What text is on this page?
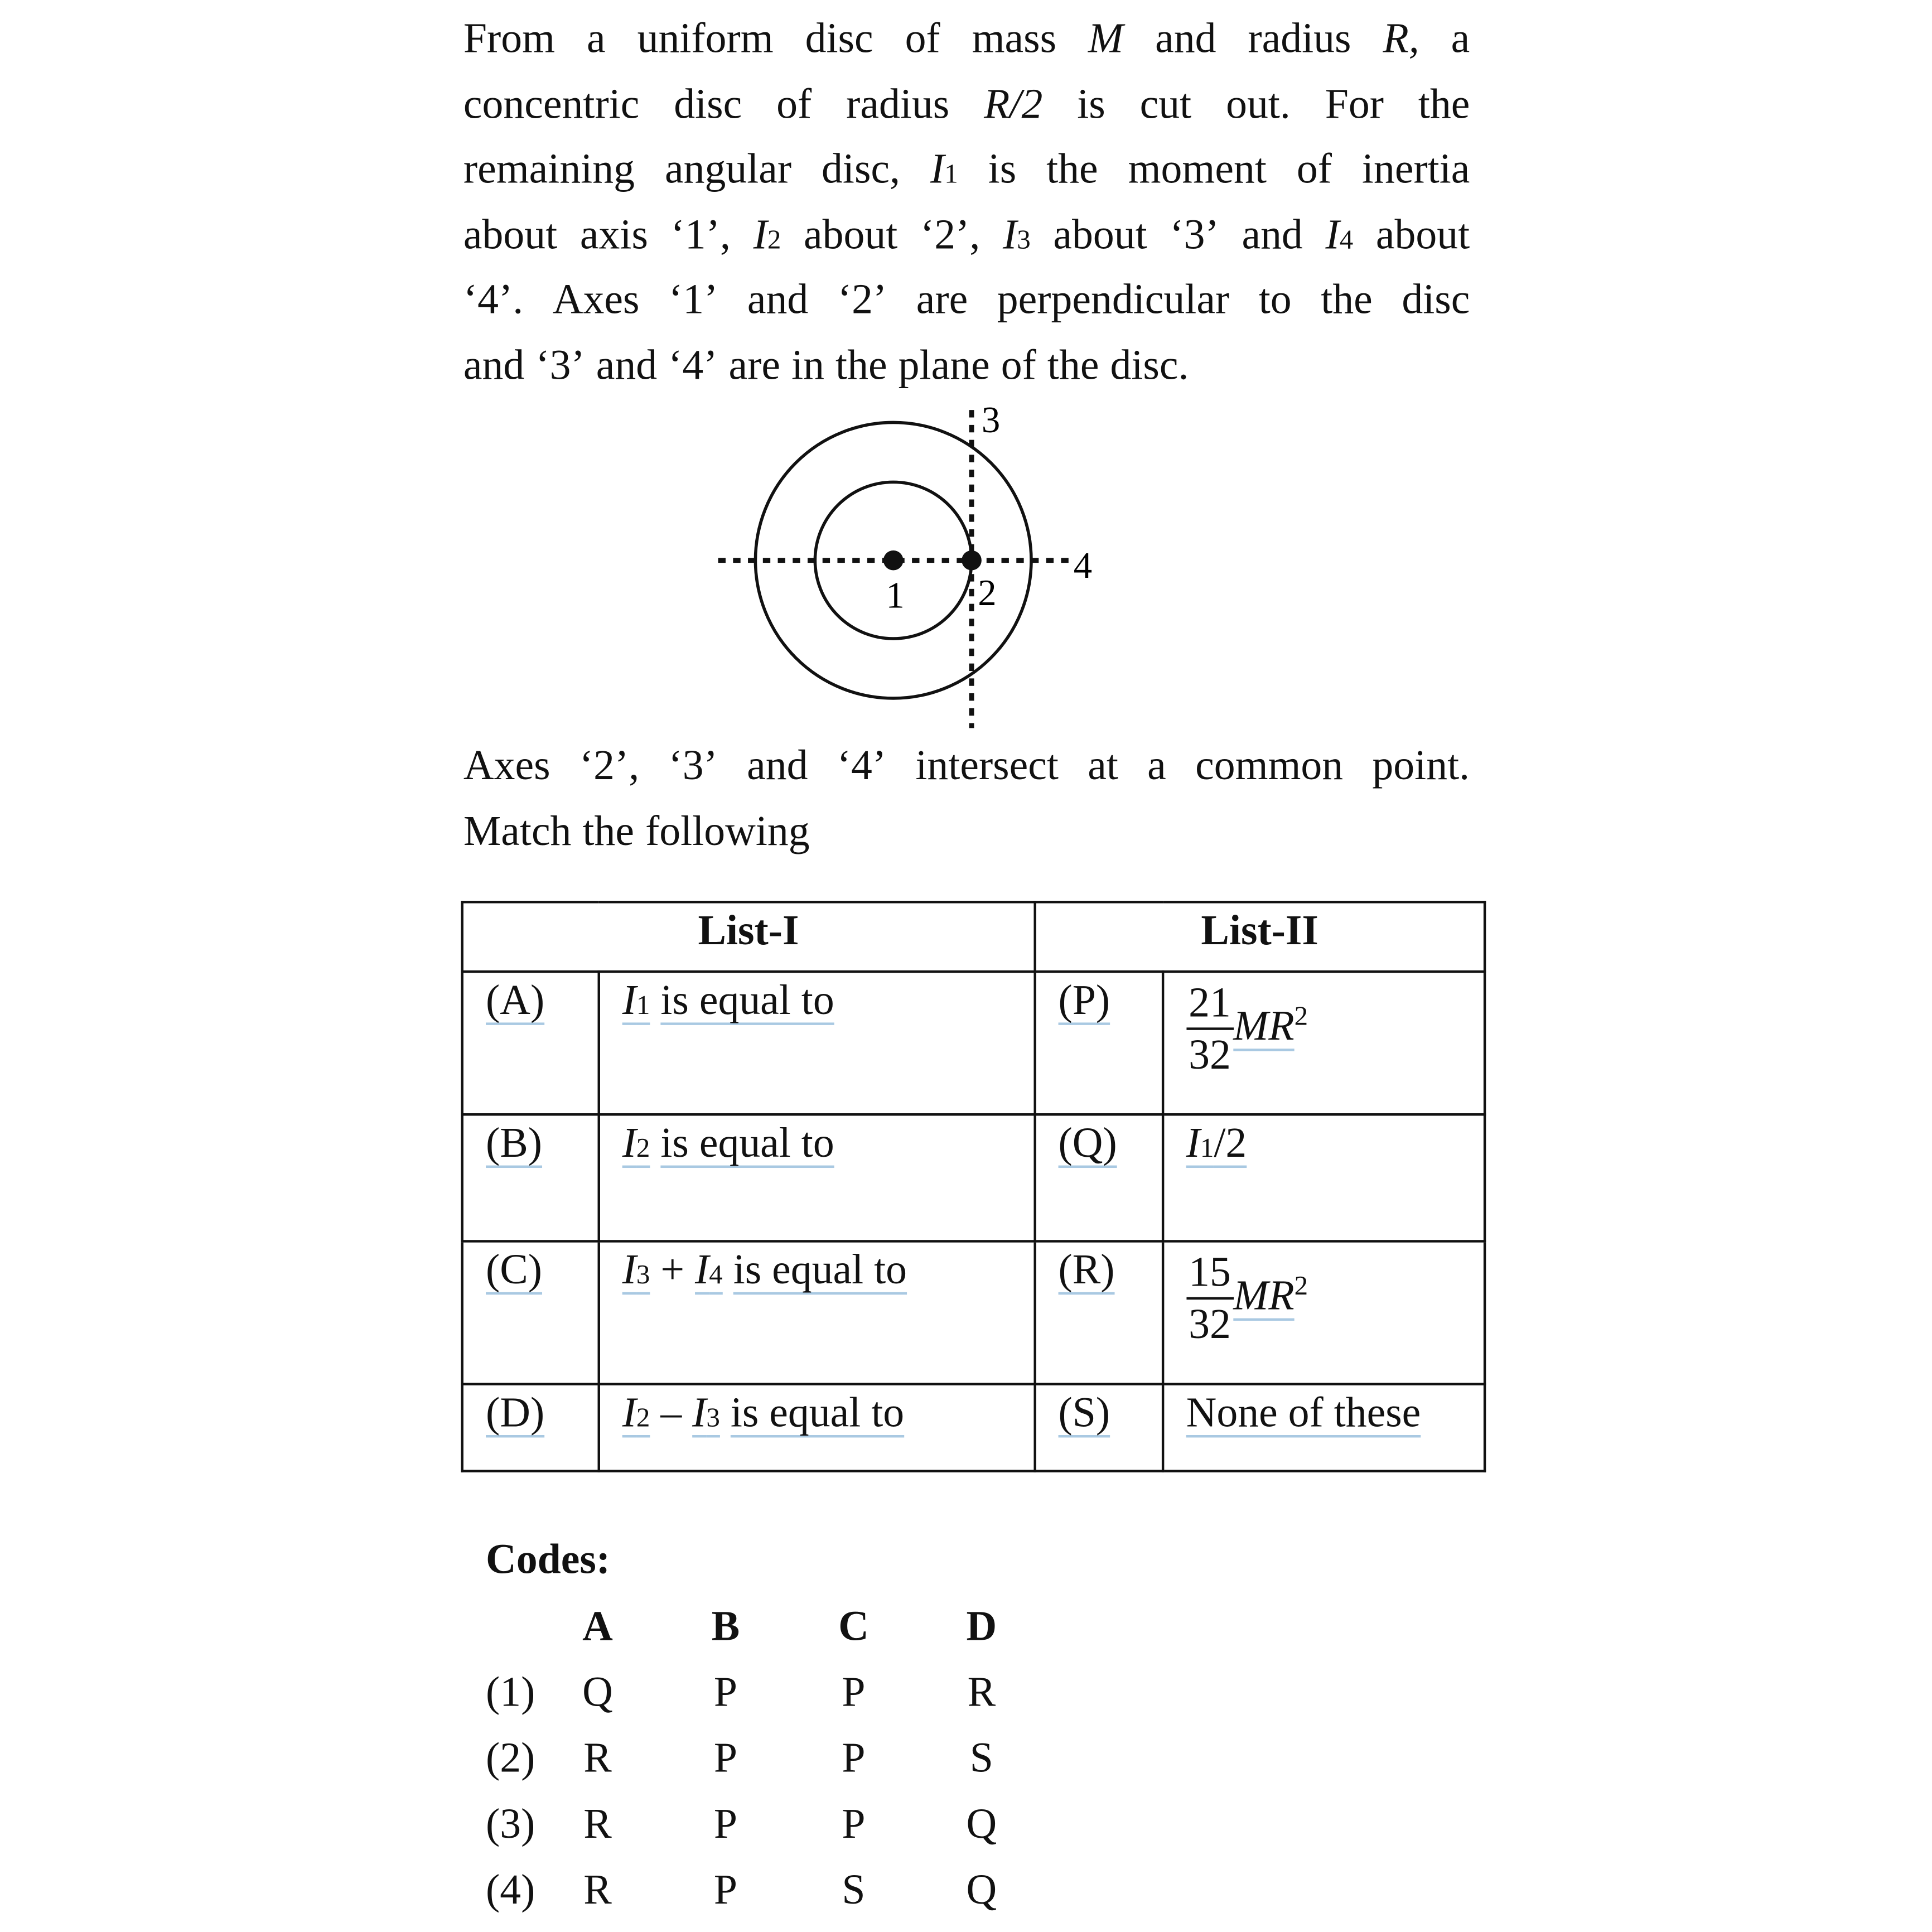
From a uniform disc of mass M and radius R, a
concentric disc of radius R/2 is cut out. For the
remaining angular disc, I1 is the moment of inertia
about axis ‘1’, I2 about ‘2’, I3 about ‘3’ and I4 about
‘4’. Axes ‘1’ and ‘2’ are perpendicular to the disc
and ‘3’ and ‘4’ are in the plane of the disc.
3
4
1	2
Axes ‘2’, ‘3’ and ‘4’ intersect at a common point.
Match the following
List-I		List-II	
(A)	I1 is equal to	(P)	$\frac{21}{32} MR^2$
(B)	I2 is equal to	(Q)	I1/2
(C)	I3 + I4 is equal to	(R)	$\frac{15}{32} MR^2$
(D)	I2 – I3 is equal to	(S)	None of these
Codes:
A	B	C	D
(1)	Q	P	P	R
(2)	R	P	P	S
(3)	R	P	P	Q
(4)	R	P	S	Q
